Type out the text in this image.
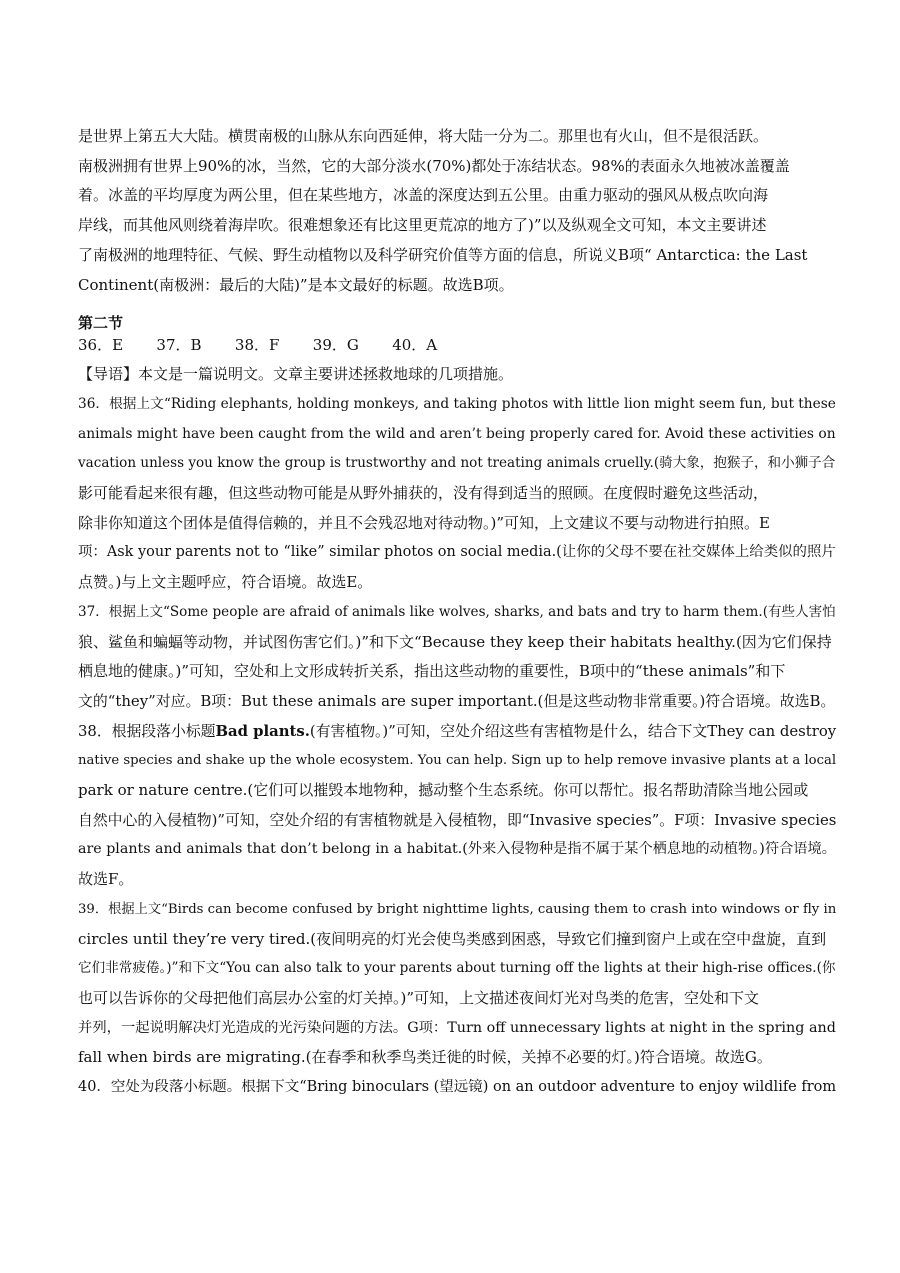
是世界上第五大大陆。横贯南极的山脉从东向西延伸，将大陆一分为二。那里也有火山，但不是很活跃。
南极洲拥有世界上90%的冰，当然，它的大部分淡水(70%)都处于冻结状态。98%的表面永久地被冰盖覆盖
着。冰盖的平均厚度为两公里，但在某些地方，冰盖的深度达到五公里。由重力驱动的强风从极点吹向海
岸线，而其他风则绕着海岸吹。很难想象还有比这里更荒凉的地方了)”以及纵观全文可知，本文主要讲述
了南极洲的地理特征、气候、野生动植物以及科学研究价值等方面的信息，所说义B项“ Antarctica: the Last
Continent(南极洲：最后的大陆)”是本文最好的标题。故选B项。
第二节
36．E       37．B       38．F       39．G       40．A
【导语】本文是一篇说明文。文章主要讲述拯救地球的几项措施。
36．根据上文“Riding elephants, holding monkeys, and taking photos with little lion might seem fun, but these
animals might have been caught from the wild and aren’t being properly cared for. Avoid these activities on
vacation unless you know the group is trustworthy and not treating animals cruelly.(骑大象，抱猴子，和小狮子合
影可能看起来很有趣，但这些动物可能是从野外捕获的，没有得到适当的照顾。在度假时避免这些活动，
除非你知道这个团体是值得信赖的，并且不会残忍地对待动物。)”可知，上文建议不要与动物进行拍照。E
项：Ask your parents not to “like” similar photos on social media.(让你的父母不要在社交媒体上给类似的照片
点赞。)与上文主题呼应，符合语境。故选E。
37．根据上文“Some people are afraid of animals like wolves, sharks, and bats and try to harm them.(有些人害怕
狼、鲨鱼和蝙蝠等动物，并试图伤害它们。)”和下文“Because they keep their habitats healthy.(因为它们保持
栖息地的健康。)”可知，空处和上文形成转折关系，指出这些动物的重要性，B项中的“these animals”和下
文的“they”对应。B项：But these animals are super important.(但是这些动物非常重要。)符合语境。故选B。
38．根据段落小标题Bad plants.(有害植物。)”可知，空处介绍这些有害植物是什么，结合下文They can destroy
native species and shake up the whole ecosystem. You can help. Sign up to help remove invasive plants at a local
park or nature centre.(它们可以摧毁本地物种，撼动整个生态系统。你可以帮忙。报名帮助清除当地公园或
自然中心的入侵植物)”可知，空处介绍的有害植物就是入侵植物，即“Invasive species”。F项：Invasive species
are plants and animals that don’t belong in a habitat.(外来入侵物种是指不属于某个栖息地的动植物。)符合语境。
故选F。
39．根据上文“Birds can become confused by bright nighttime lights, causing them to crash into windows or fly in
circles until they’re very tired.(夜间明亮的灯光会使鸟类感到困惑，导致它们撞到窗户上或在空中盘旋，直到
它们非常疲倦。)”和下文“You can also talk to your parents about turning off the lights at their high-rise offices.(你
也可以告诉你的父母把他们高层办公室的灯关掉。)”可知，上文描述夜间灯光对鸟类的危害，空处和下文
并列，一起说明解决灯光造成的光污染问题的方法。G项：Turn off unnecessary lights at night in the spring and
fall when birds are migrating.(在春季和秋季鸟类迁徙的时候，关掉不必要的灯。)符合语境。故选G。
40．空处为段落小标题。根据下文“Bring binoculars (望远镜) on an outdoor adventure to enjoy wildlife from
